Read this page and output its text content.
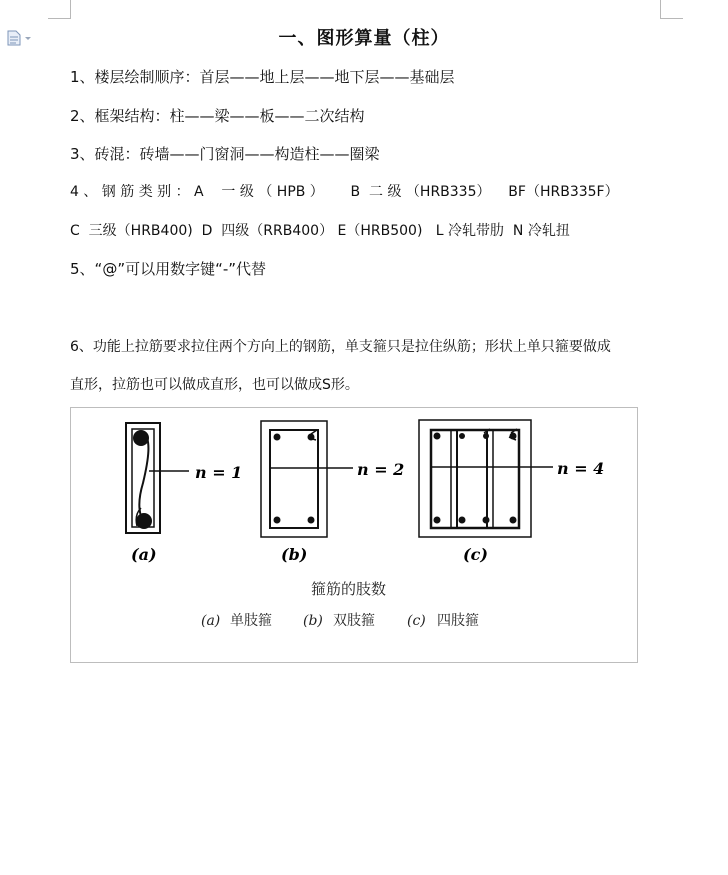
一、图形算量（柱）
1、楼层绘制顺序：首层——地上层——地下层——基础层
2、框架结构：柱——梁——板——二次结构
3、砖混：砖墙——门窗洞——构造柱——圈梁
4 、 钢 筋 类 别 ： A    一 级 （ HPB ）      B  二 级 （HRB335）    BF（HRB335F）
C  三级（HRB400)  D  四级（RRB400） E（HRB500)   L 冷轧带肋  N 冷轧扭
5、“@”可以用数字键“-”代替
6、功能上拉筋要求拉住两个方向上的钢筋，单支箍只是拉住纵筋；形状上单只箍要做成
直形，拉筋也可以做成直形，也可以做成S形。
n = 1
(a)
n = 2
(b)
n = 4
(c)
箍筋的肢数
(a) 单肢箍 (b) 双肢箍 (c) 四肢箍
